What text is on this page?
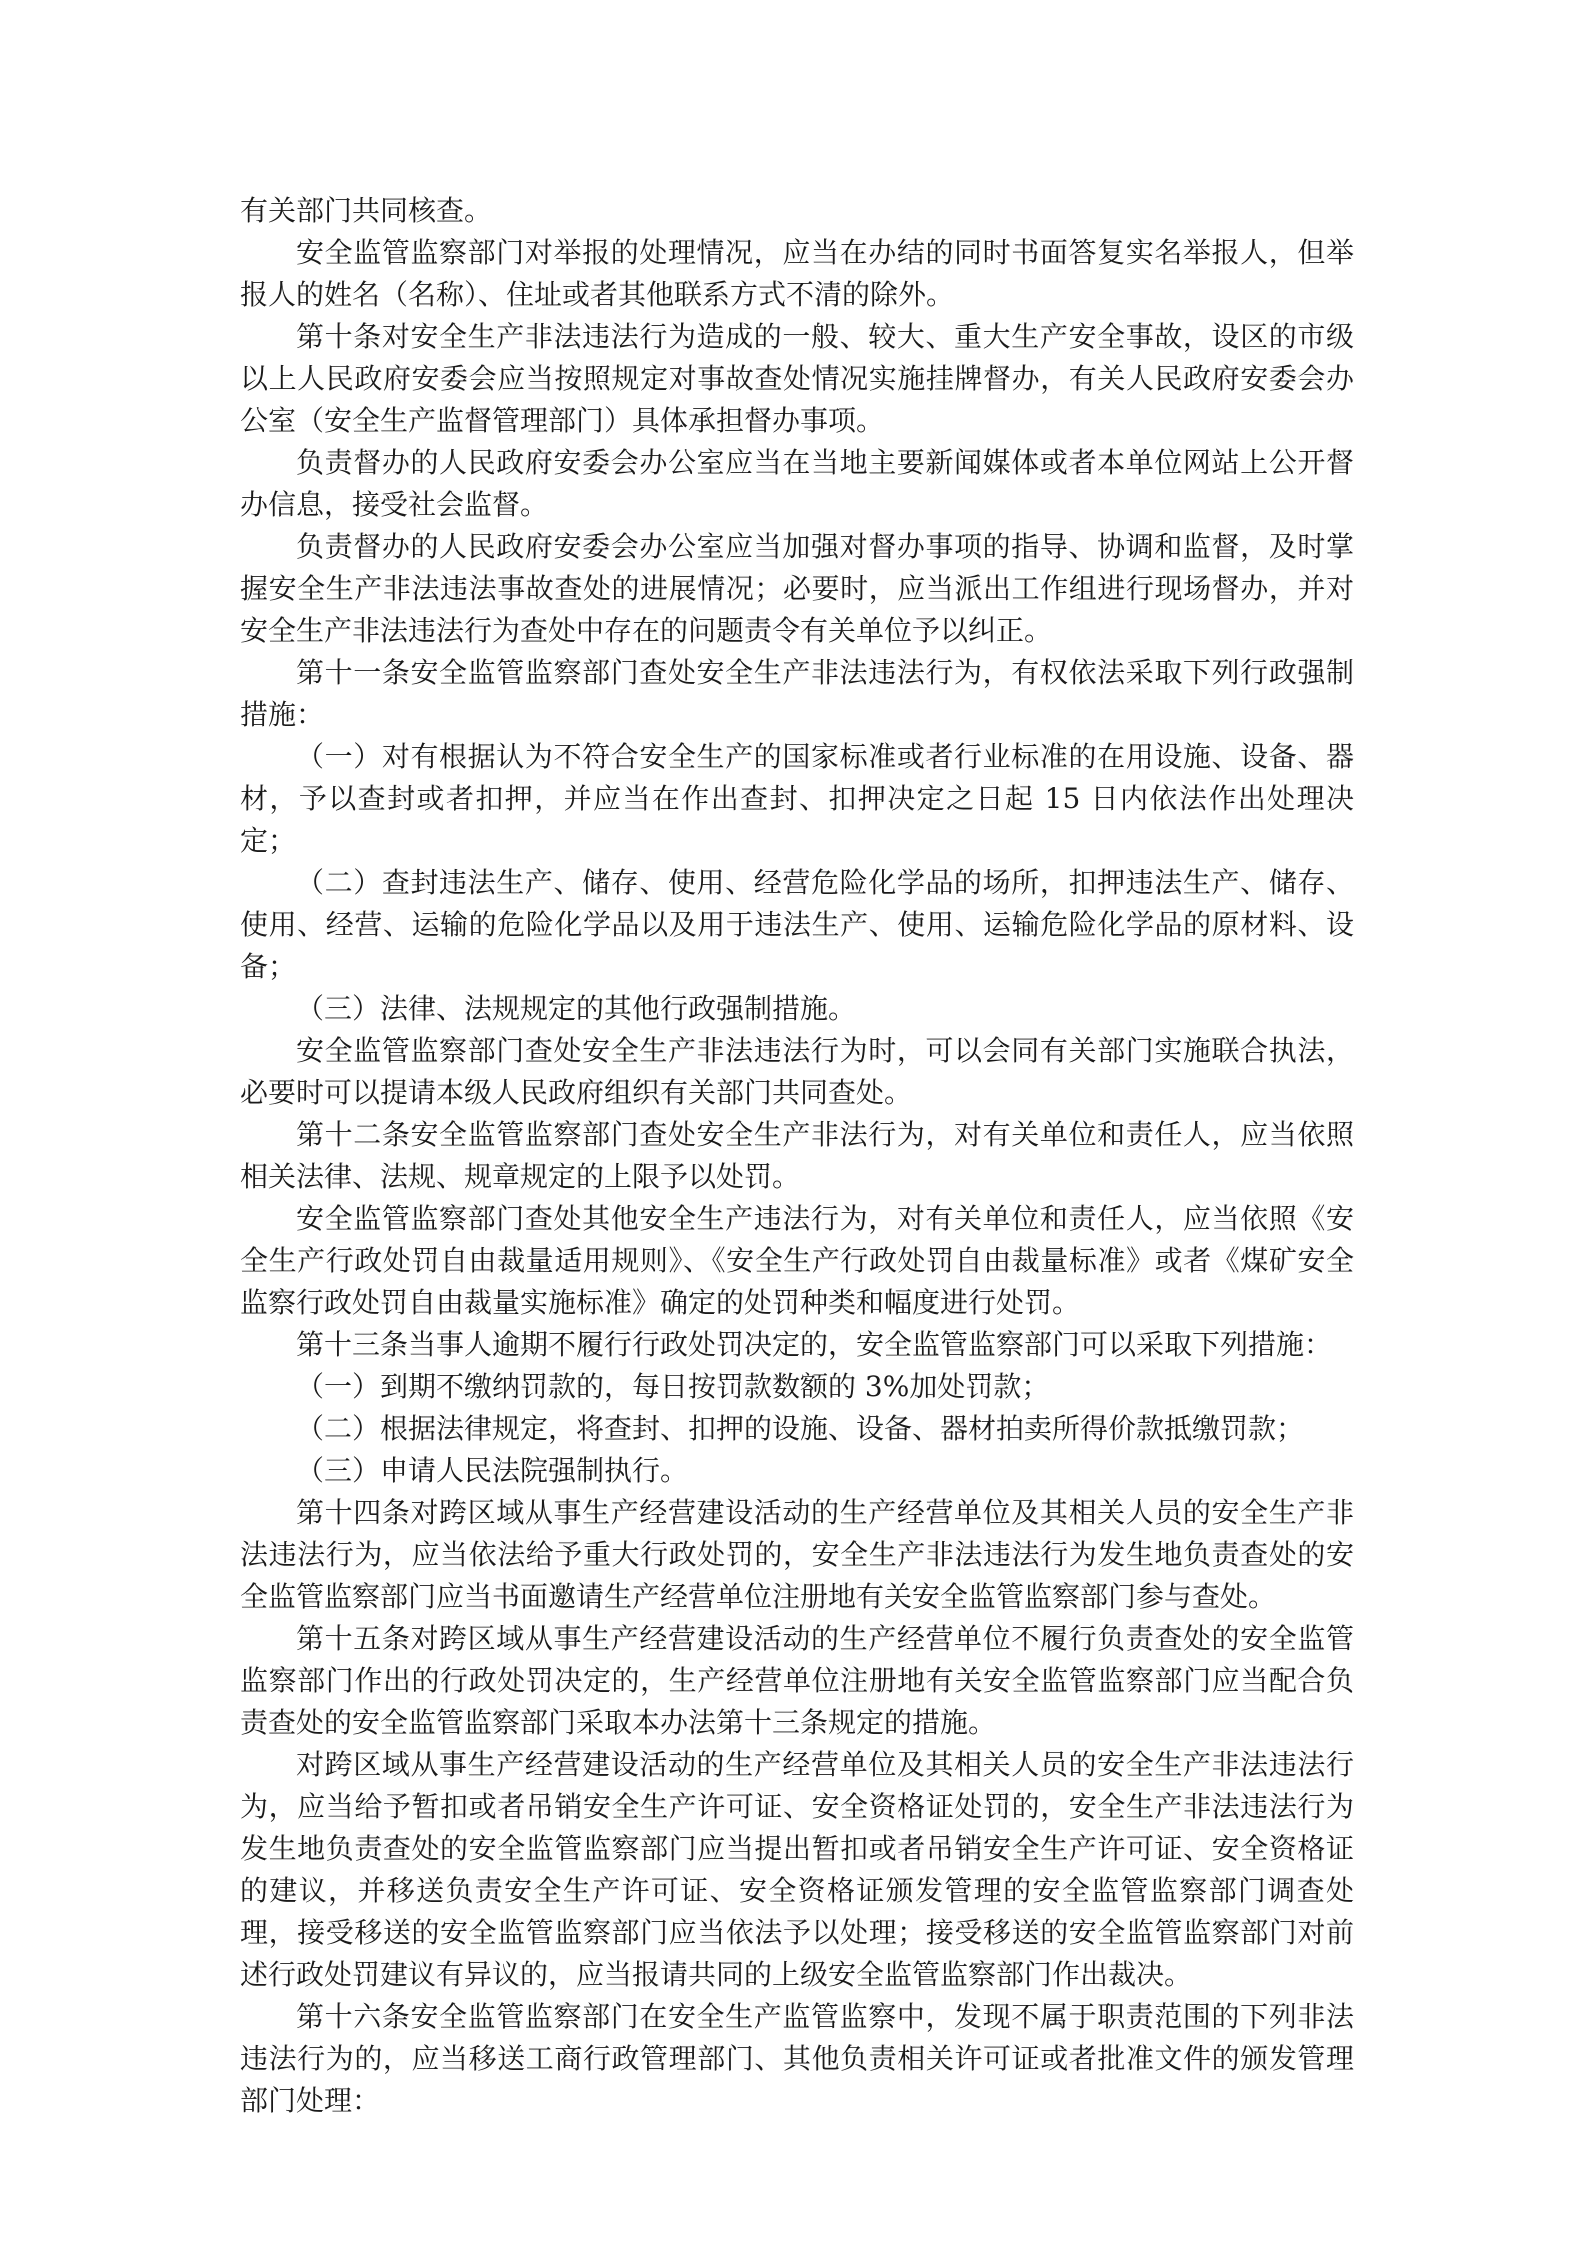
有关部门共同核查。

安全监管监察部门对举报的处理情况，应当在办结的同时书面答复实名举报人，但举报人的姓名（名称）、住址或者其他联系方式不清的除外。

第十条对安全生产非法违法行为造成的一般、较大、重大生产安全事故，设区的市级以上人民政府安委会应当按照规定对事故查处情况实施挂牌督办，有关人民政府安委会办公室（安全生产监督管理部门）具体承担督办事项。

负责督办的人民政府安委会办公室应当在当地主要新闻媒体或者本单位网站上公开督办信息，接受社会监督。

负责督办的人民政府安委会办公室应当加强对督办事项的指导、协调和监督，及时掌握安全生产非法违法事故查处的进展情况；必要时，应当派出工作组进行现场督办，并对安全生产非法违法行为查处中存在的问题责令有关单位予以纠正。

第十一条安全监管监察部门查处安全生产非法违法行为，有权依法采取下列行政强制措施：

（一）对有根据认为不符合安全生产的国家标准或者行业标准的在用设施、设备、器材，予以查封或者扣押，并应当在作出查封、扣押决定之日起 15 日内依法作出处理决定；

（二）查封违法生产、储存、使用、经营危险化学品的场所，扣押违法生产、储存、使用、经营、运输的危险化学品以及用于违法生产、使用、运输危险化学品的原材料、设备；

（三）法律、法规规定的其他行政强制措施。

安全监管监察部门查处安全生产非法违法行为时，可以会同有关部门实施联合执法，必要时可以提请本级人民政府组织有关部门共同查处。

第十二条安全监管监察部门查处安全生产非法行为，对有关单位和责任人，应当依照相关法律、法规、规章规定的上限予以处罚。

安全监管监察部门查处其他安全生产违法行为，对有关单位和责任人，应当依照《安全生产行政处罚自由裁量适用规则》、《安全生产行政处罚自由裁量标准》或者《煤矿安全监察行政处罚自由裁量实施标准》确定的处罚种类和幅度进行处罚。

第十三条当事人逾期不履行行政处罚决定的，安全监管监察部门可以采取下列措施：

（一）到期不缴纳罚款的，每日按罚款数额的 3%加处罚款；

（二）根据法律规定，将查封、扣押的设施、设备、器材拍卖所得价款抵缴罚款；

（三）申请人民法院强制执行。

第十四条对跨区域从事生产经营建设活动的生产经营单位及其相关人员的安全生产非法违法行为，应当依法给予重大行政处罚的，安全生产非法违法行为发生地负责查处的安全监管监察部门应当书面邀请生产经营单位注册地有关安全监管监察部门参与查处。

第十五条对跨区域从事生产经营建设活动的生产经营单位不履行负责查处的安全监管监察部门作出的行政处罚决定的，生产经营单位注册地有关安全监管监察部门应当配合负责查处的安全监管监察部门采取本办法第十三条规定的措施。

对跨区域从事生产经营建设活动的生产经营单位及其相关人员的安全生产非法违法行为，应当给予暂扣或者吊销安全生产许可证、安全资格证处罚的，安全生产非法违法行为发生地负责查处的安全监管监察部门应当提出暂扣或者吊销安全生产许可证、安全资格证的建议，并移送负责安全生产许可证、安全资格证颁发管理的安全监管监察部门调查处理，接受移送的安全监管监察部门应当依法予以处理；接受移送的安全监管监察部门对前述行政处罚建议有异议的，应当报请共同的上级安全监管监察部门作出裁决。

第十六条安全监管监察部门在安全生产监管监察中，发现不属于职责范围的下列非法违法行为的，应当移送工商行政管理部门、其他负责相关许可证或者批准文件的颁发管理部门处理：
